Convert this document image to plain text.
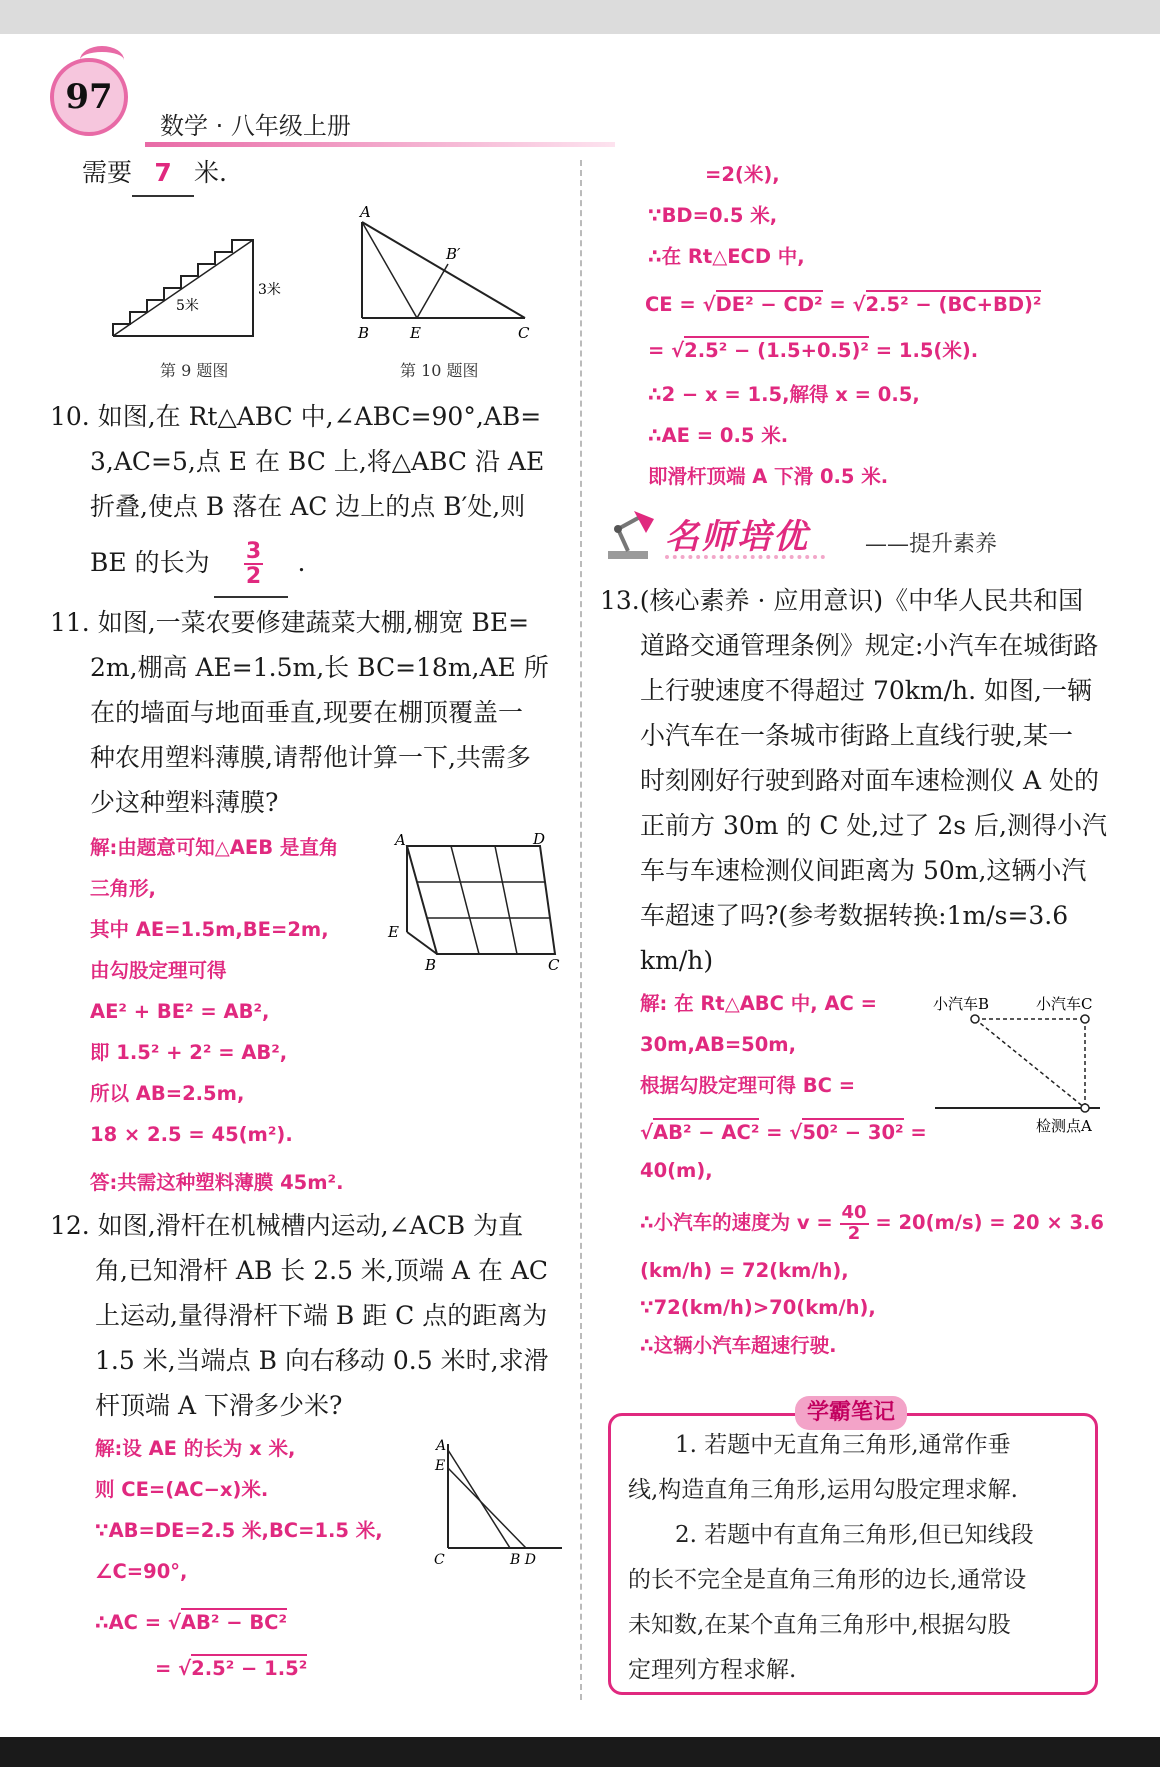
97
数学 · 八年级上册
需要 7 米.
5米
3米
第 9 题图
A
B	E	C
B′
第 10 题图
10. 如图,在 Rt△ABC 中,∠ABC=90°,AB=
3,AC=5,点 E 在 BC 上,将△ABC 沿 AE
折叠,使点 B 落在 AC 边上的点 B′处,则
BE 的长为 $\frac{3}{2}$ .
11. 如图,一菜农要修建蔬菜大棚,棚宽 BE=
2m,棚高 AE=1.5m,长 BC=18m,AE 所
在的墙面与地面垂直,现要在棚顶覆盖一
种农用塑料薄膜,请帮他计算一下,共需多
少这种塑料薄膜?
解:由题意可知△AEB 是直角
三角形,
其中 AE=1.5m,BE=2m,
由勾股定理可得
AE² + BE² = AB²,
即 1.5² + 2² = AB²,
所以 AB=2.5m,
18 × 2.5 = 45(m²).
答:共需这种塑料薄膜 45m².
A	D
E
B	C
12. 如图,滑杆在机械槽内运动,∠ACB 为直
角,已知滑杆 AB 长 2.5 米,顶端 A 在 AC
上运动,量得滑杆下端 B 距 C 点的距离为
1.5 米,当端点 B 向右移动 0.5 米时,求滑
杆顶端 A 下滑多少米?
解:设 AE 的长为 x 米,
则 CE=(AC−x)米.
∵AB=DE=2.5 米,BC=1.5 米,
∠C=90°,
∴AC = √AB² − BC²
= √2.5² − 1.5²
A
E
C	B D
=2(米),
∵BD=0.5 米,
∴在 Rt△ECD 中,
CE = √DE² − CD² = √2.5² − (BC+BD)²
= √2.5² − (1.5+0.5)² = 1.5(米).
∴2 − x = 1.5,解得 x = 0.5,
∴AE = 0.5 米.
即滑杆顶端 A 下滑 0.5 米.
名师培优	——提升素养
13.(核心素养 · 应用意识)《中华人民共和国
道路交通管理条例》规定:小汽车在城街路
上行驶速度不得超过 70km/h. 如图,一辆
小汽车在一条城市街路上直线行驶,某一
时刻刚好行驶到路对面车速检测仪 A 处的
正前方 30m 的 C 处,过了 2s 后,测得小汽
车与车速检测仪间距离为 50m,这辆小汽
车超速了吗?(参考数据转换:1m/s=3.6
km/h)
解: 在 Rt△ABC 中, AC =
30m,AB=50m,
根据勾股定理可得 BC =
√AB² − AC² = √50² − 30² =
40(m),
∴小汽车的速度为 $v = \frac{40}{2} = 20(m/s) = 20 \times 3.6$
(km/h) = 72(km/h),
∵72(km/h)>70(km/h),
∴这辆小汽车超速行驶.
小汽车B	小汽车C
检测点A
学霸笔记
1. 若题中无直角三角形,通常作垂
线,构造直角三角形,运用勾股定理求解.
2. 若题中有直角三角形,但已知线段
的长不完全是直角三角形的边长,通常设
未知数,在某个直角三角形中,根据勾股
定理列方程求解.
